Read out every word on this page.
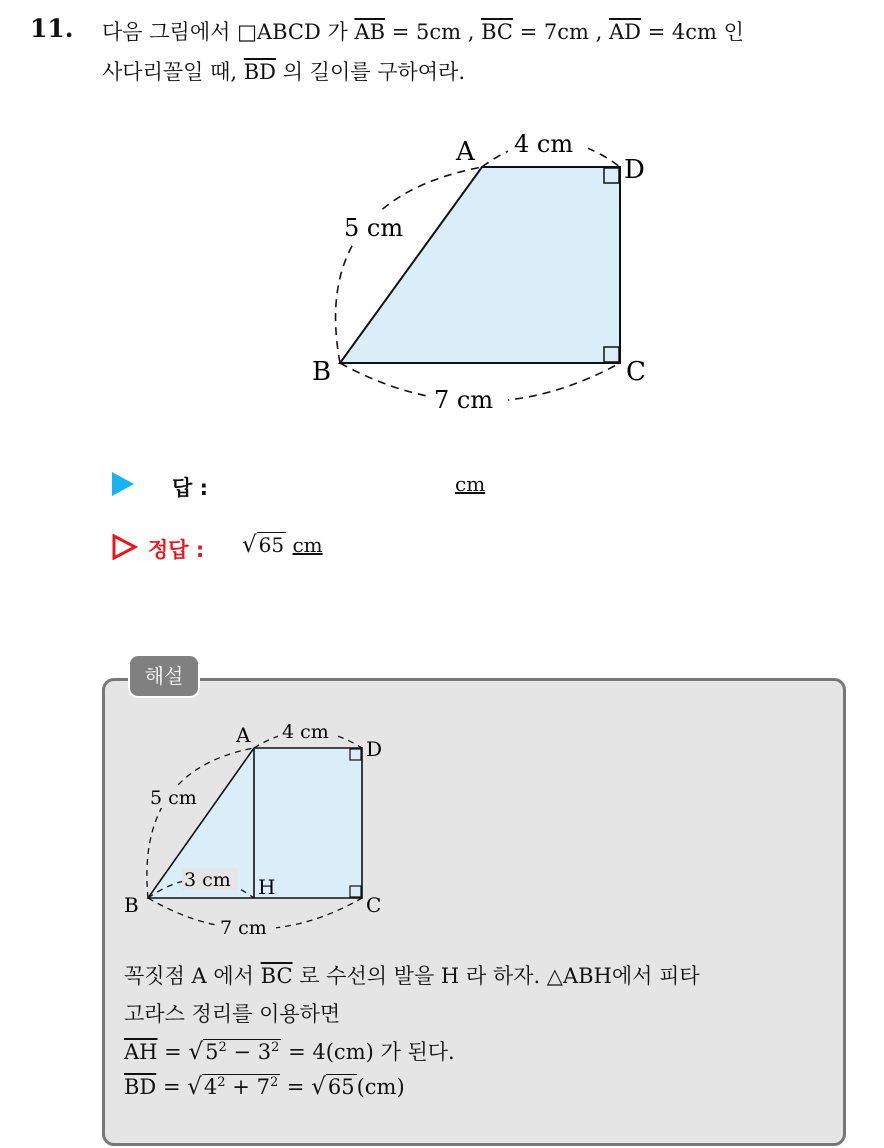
11. 다음 그림에서 □ABCD 가 $\overline{AB} = 5cm$ , $\overline{BC} = 7cm$ , $\overline{AD} = 4cm$ 인
사다리꼴일 때, $\overline{BD}$ 의 길이를 구하여라.
A
B	C
D
4 cm
5 cm
7 cm
답 :	cm
정답 : √ 65 cm
해설
A
B	C
D
H
4 cm
5 cm
3 cm
7 cm
꼭짓점 A 에서 $\overline{BC}$ 로 수선의 발을 H 라 하자. △ABH에서 피타
고라스 정리를 이용하면
$\overline{AH} = √5^2 - 3^2 = 4(cm)$ 가 된다.
$\overline{BD} = √4^2 + 7^2 = √65(cm)$
